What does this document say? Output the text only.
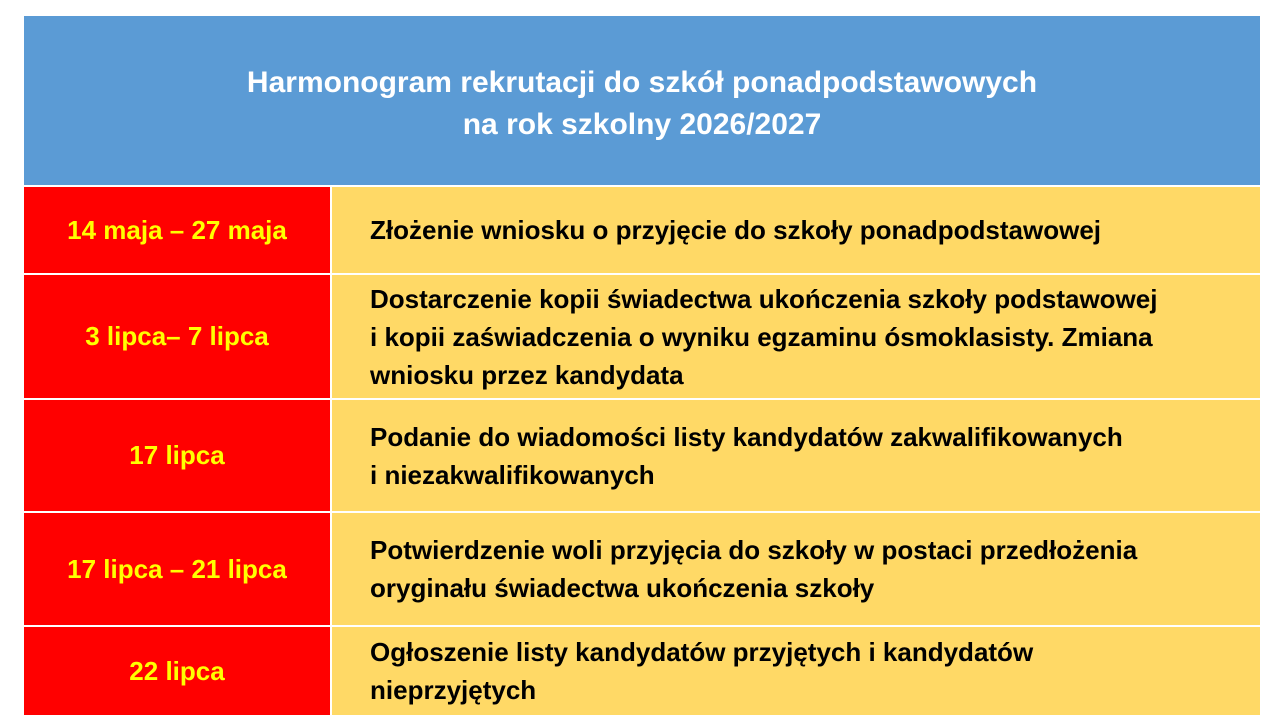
Harmonogram rekrutacji do szkół ponadpodstawowych
na rok szkolny 2026/2027
14 maja – 27 maja	Złożenie wniosku o przyjęcie do szkoły ponadpodstawowej
3 lipca– 7 lipca
Dostarczenie kopii świadectwa ukończenia szkoły podstawowej
i kopii zaświadczenia o wyniku egzaminu ósmoklasisty. Zmiana
wniosku przez kandydata
17 lipca
Podanie do wiadomości listy kandydatów zakwalifikowanych
i niezakwalifikowanych
17 lipca – 21 lipca
Potwierdzenie woli przyjęcia do szkoły w postaci przedłożenia
oryginału świadectwa ukończenia szkoły
22 lipca
Ogłoszenie listy kandydatów przyjętych i kandydatów
nieprzyjętych
